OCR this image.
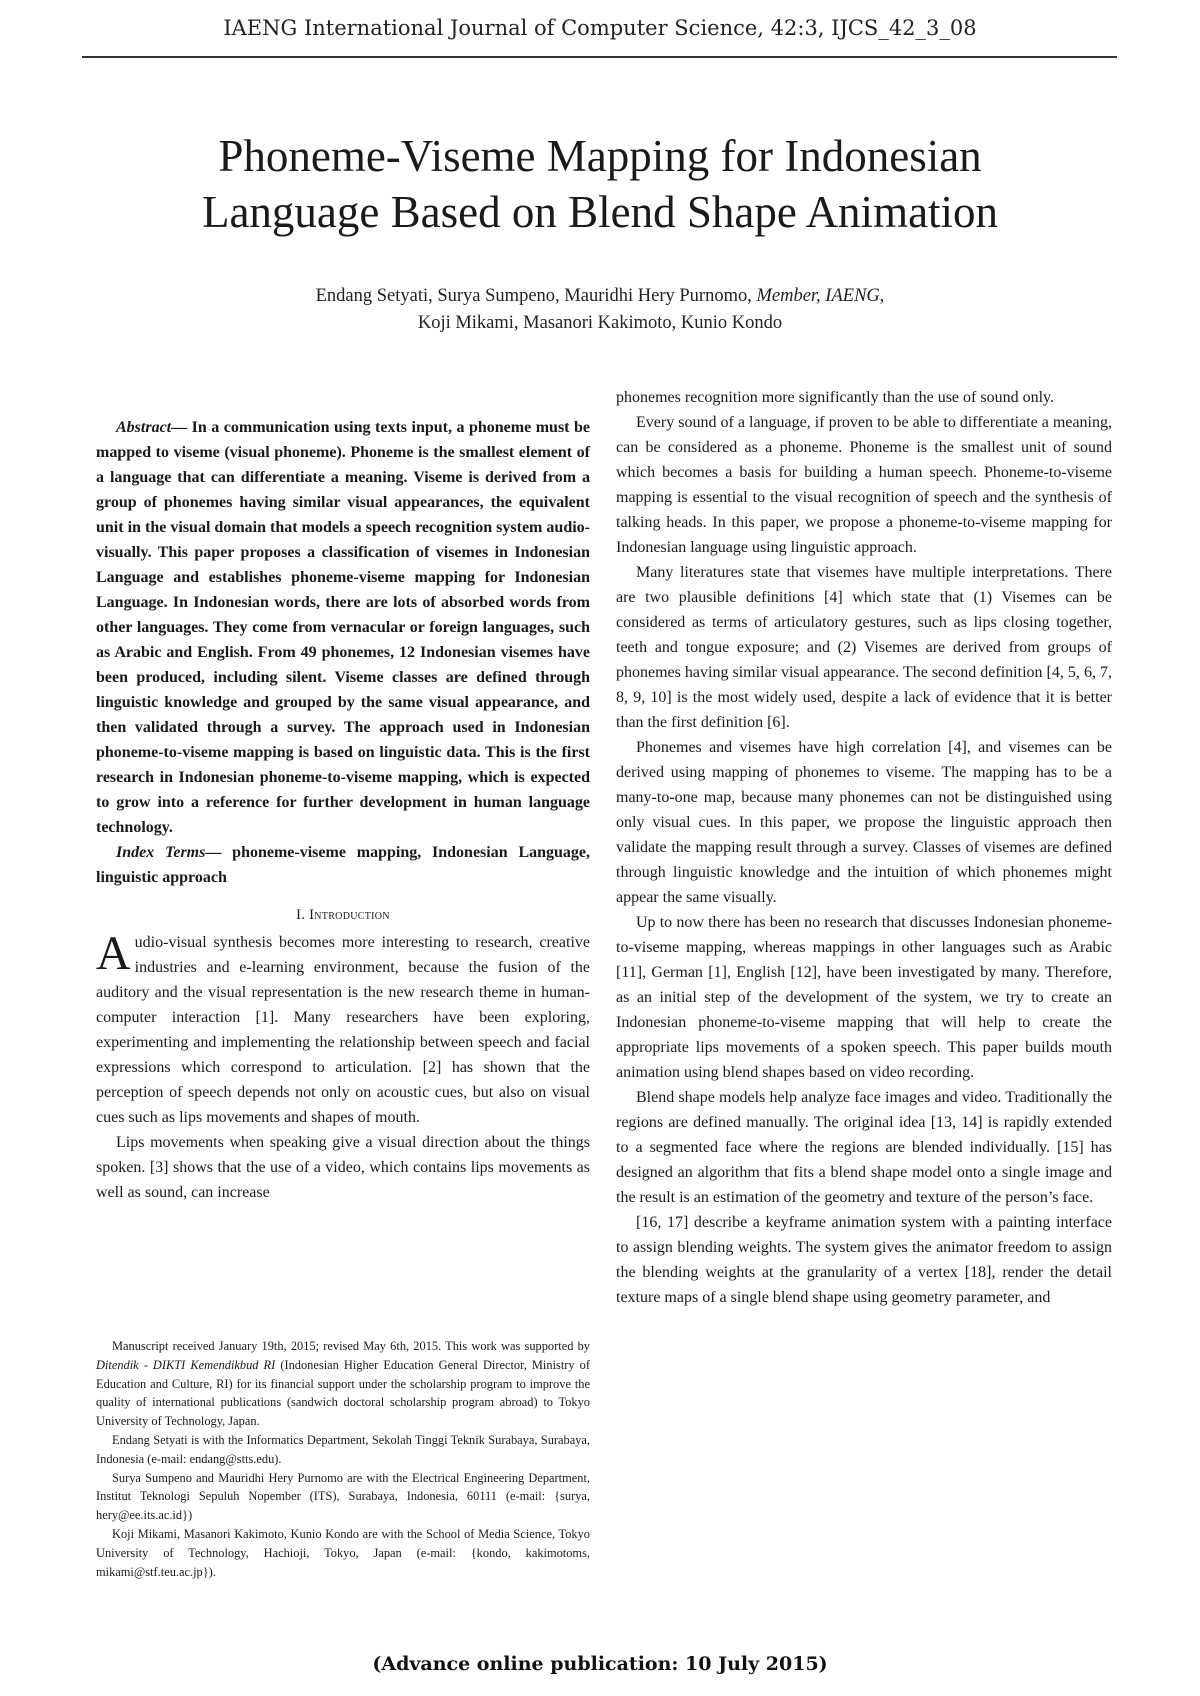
IAENG International Journal of Computer Science, 42:3, IJCS_42_3_08
Phoneme-Viseme Mapping for Indonesian
Language Based on Blend Shape Animation
Endang Setyati, Surya Sumpeno, Mauridhi Hery Purnomo, Member, IAENG,
Koji Mikami, Masanori Kakimoto, Kunio Kondo

Abstract— In a communication using texts input, a phoneme must be mapped to viseme (visual phoneme). Phoneme is the smallest element of a language that can differentiate a meaning. Viseme is derived from a group of phonemes having similar visual appearances, the equivalent unit in the visual domain that models a speech recognition system audio-visually. This paper proposes a classification of visemes in Indonesian Language and establishes phoneme-viseme mapping for Indonesian Language. In Indonesian words, there are lots of absorbed words from other languages. They come from vernacular or foreign languages, such as Arabic and English. From 49 phonemes, 12 Indonesian visemes have been produced, including silent. Viseme classes are defined through linguistic knowledge and grouped by the same visual appearance, and then validated through a survey. The approach used in Indonesian phoneme-to-viseme mapping is based on linguistic data. This is the first research in Indonesian phoneme-to-viseme mapping, which is expected to grow into a reference for further development in human language technology.

Index Terms— phoneme-viseme mapping, Indonesian Language, linguistic approach

I. Introduction

Audio-visual synthesis becomes more interesting to research, creative industries and e-learning environment, because the fusion of the auditory and the visual representation is the new research theme in human-computer interaction [1]. Many researchers have been exploring, experimenting and implementing the relationship between speech and facial expressions which correspond to articulation. [2] has shown that the perception of speech depends not only on acoustic cues, but also on visual cues such as lips movements and shapes of mouth.

Lips movements when speaking give a visual direction about the things spoken. [3] shows that the use of a video, which contains lips movements as well as sound, can increase

Manuscript received January 19th, 2015; revised May 6th, 2015. This work was supported by Ditendik - DIKTI Kemendikbud RI (Indonesian Higher Education General Director, Ministry of Education and Culture, RI) for its financial support under the scholarship program to improve the quality of international publications (sandwich doctoral scholarship program abroad) to Tokyo University of Technology, Japan.

Endang Setyati is with the Informatics Department, Sekolah Tinggi Teknik Surabaya, Surabaya, Indonesia (e-mail: endang@stts.edu).

Surya Sumpeno and Mauridhi Hery Purnomo are with the Electrical Engineering Department, Institut Teknologi Sepuluh Nopember (ITS), Surabaya, Indonesia, 60111 (e-mail: {surya, hery@ee.its.ac.id})

Koji Mikami, Masanori Kakimoto, Kunio Kondo are with the School of Media Science, Tokyo University of Technology, Hachioji, Tokyo, Japan (e-mail: {kondo, kakimotoms, mikami@stf.teu.ac.jp}).

phonemes recognition more significantly than the use of sound only.

Every sound of a language, if proven to be able to differentiate a meaning, can be considered as a phoneme. Phoneme is the smallest unit of sound which becomes a basis for building a human speech. Phoneme-to-viseme mapping is essential to the visual recognition of speech and the synthesis of talking heads. In this paper, we propose a phoneme-to-viseme mapping for Indonesian language using linguistic approach.

Many literatures state that visemes have multiple interpretations. There are two plausible definitions [4] which state that (1) Visemes can be considered as terms of articulatory gestures, such as lips closing together, teeth and tongue exposure; and (2) Visemes are derived from groups of phonemes having similar visual appearance. The second definition [4, 5, 6, 7, 8, 9, 10] is the most widely used, despite a lack of evidence that it is better than the first definition [6].

Phonemes and visemes have high correlation [4], and visemes can be derived using mapping of phonemes to viseme. The mapping has to be a many-to-one map, because many phonemes can not be distinguished using only visual cues. In this paper, we propose the linguistic approach then validate the mapping result through a survey. Classes of visemes are defined through linguistic knowledge and the intuition of which phonemes might appear the same visually.

Up to now there has been no research that discusses Indonesian phoneme-to-viseme mapping, whereas mappings in other languages such as Arabic [11], German [1], English [12], have been investigated by many. Therefore, as an initial step of the development of the system, we try to create an Indonesian phoneme-to-viseme mapping that will help to create the appropriate lips movements of a spoken speech. This paper builds mouth animation using blend shapes based on video recording.

Blend shape models help analyze face images and video. Traditionally the regions are defined manually. The original idea [13, 14] is rapidly extended to a segmented face where the regions are blended individually. [15] has designed an algorithm that fits a blend shape model onto a single image and the result is an estimation of the geometry and texture of the person’s face.

[16, 17] describe a keyframe animation system with a painting interface to assign blending weights. The system gives the animator freedom to assign the blending weights at the granularity of a vertex [18], render the detail texture maps of a single blend shape using geometry parameter, and

(Advance online publication: 10 July 2015)
